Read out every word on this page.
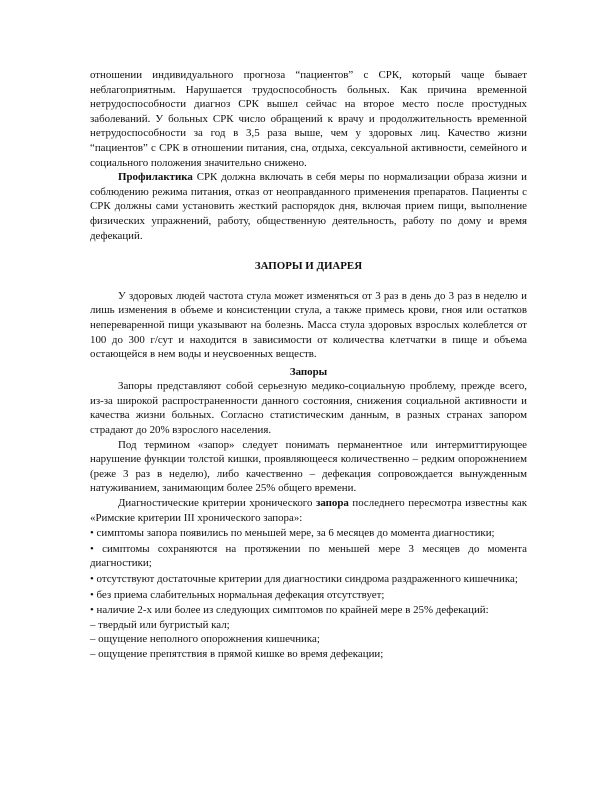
отношении индивидуального прогноза “пациентов” с СРК, который чаще бывает неблагоприятным. Нарушается трудоспособность больных. Как причина временной нетрудоспособности диагноз СРК вышел сейчас на второе место после простудных заболеваний. У больных СРК число обращений к врачу и продолжительность временной нетрудоспособности за год в 3,5 раза выше, чем у здоровых лиц. Качество жизни “пациентов” с СРК в отношении питания, сна, отдыха, сексуальной активности, семейного и социального положения значительно снижено.

Профилактика СРК должна включать в себя меры по нормализации образа жизни и соблюдению режима питания, отказ от неоправданного применения препаратов. Пациенты с СРК должны сами установить жесткий распорядок дня, включая прием пищи, выполнение физических упражнений, работу, общественную деятельность, работу по дому и время дефекаций.

ЗАПОРЫ И ДИАРЕЯ

У здоровых людей частота стула может изменяться от 3 раз в день до 3 раз в неделю и лишь изменения в объеме и консистенции стула, а также примесь крови, гноя или остатков непереваренной пищи указывают на болезнь. Масса стула здоровых взрослых колеблется от 100 до 300 г/сут и находится в зависимости от количества клетчатки в пище и объема остающейся в нем воды и неусвоенных веществ.

Запоры

Запоры представляют собой серьезную медико-социальную проблему, прежде всего, из-за широкой распространенности данного состояния, снижения социальной активности и качества жизни больных. Согласно статистическим данным, в разных странах запором страдают до 20% взрослого населения.

Под термином «запор» следует понимать перманентное или интермиттирующее нарушение функции толстой кишки, проявляющееся количественно – редким опорожнением (реже 3 раз в неделю), либо качественно – дефекация сопровождается вынужденным натуживанием, занимающим более 25% общего времени.

Диагностические критерии хронического запора последнего пересмотра известны как «Римские критерии III хронического запора»:

• симптомы запора появились по меньшей мере, за 6 месяцев до момента диагностики;

• симптомы сохраняются на протяжении по меньшей мере 3 месяцев до момента диагностики;

• отсутствуют достаточные критерии для диагностики синдрома раздраженного кишечника;

• без приема слабительных нормальная дефекация отсутствует;

• наличие 2-х или более из следующих симптомов по крайней мере в 25% дефекаций:

– твердый или бугристый кал;

– ощущение неполного опорожнения кишечника;

– ощущение препятствия в прямой кишке во время дефекации;
